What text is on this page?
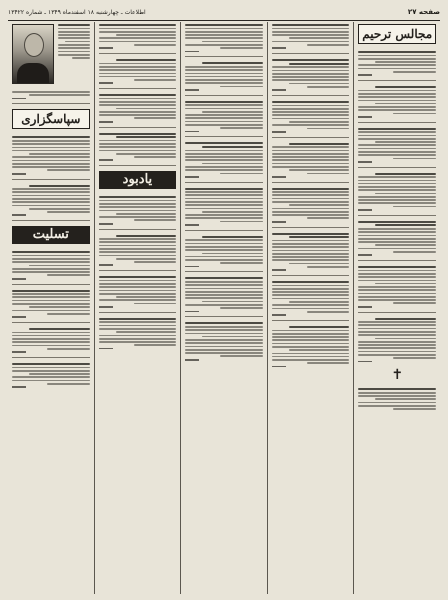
صفحه ۲۷
اطلاعات ـ چهارشنبه ۱۸ اسفندماه ۱۳۴۹ ـ شماره ۱۳۴۲۲
مجالس ترحیم
✝
یادبود
سپاسگزاری
تسلیت
